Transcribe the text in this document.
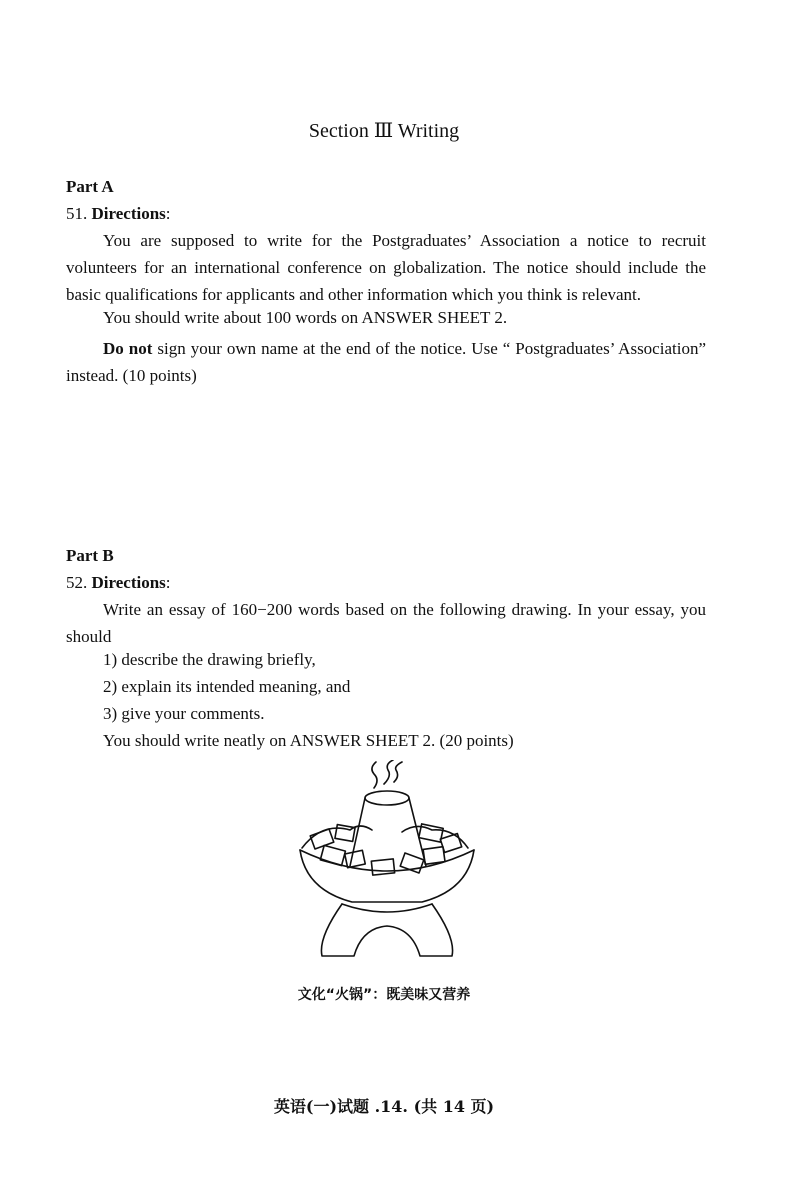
Section Ⅲ Writing
Part A
51. Directions:
You are supposed to write for the Postgraduates’ Association a notice to recruit volunteers for an international conference on globalization. The notice should include the basic qualifications for applicants and other information which you think is relevant.
You should write about 100 words on ANSWER SHEET 2.
Do not sign your own name at the end of the notice. Use “ Postgraduates’ Association” instead. (10 points)
Part B
52. Directions:
Write an essay of 160−200 words based on the following drawing. In your essay, you should
1) describe the drawing briefly,
2) explain its intended meaning, and
3) give your comments.
You should write neatly on ANSWER SHEET 2. (20 points)
文化“火锅”：既美味又营养
英语(一)试题 .14. (共 14 页)
